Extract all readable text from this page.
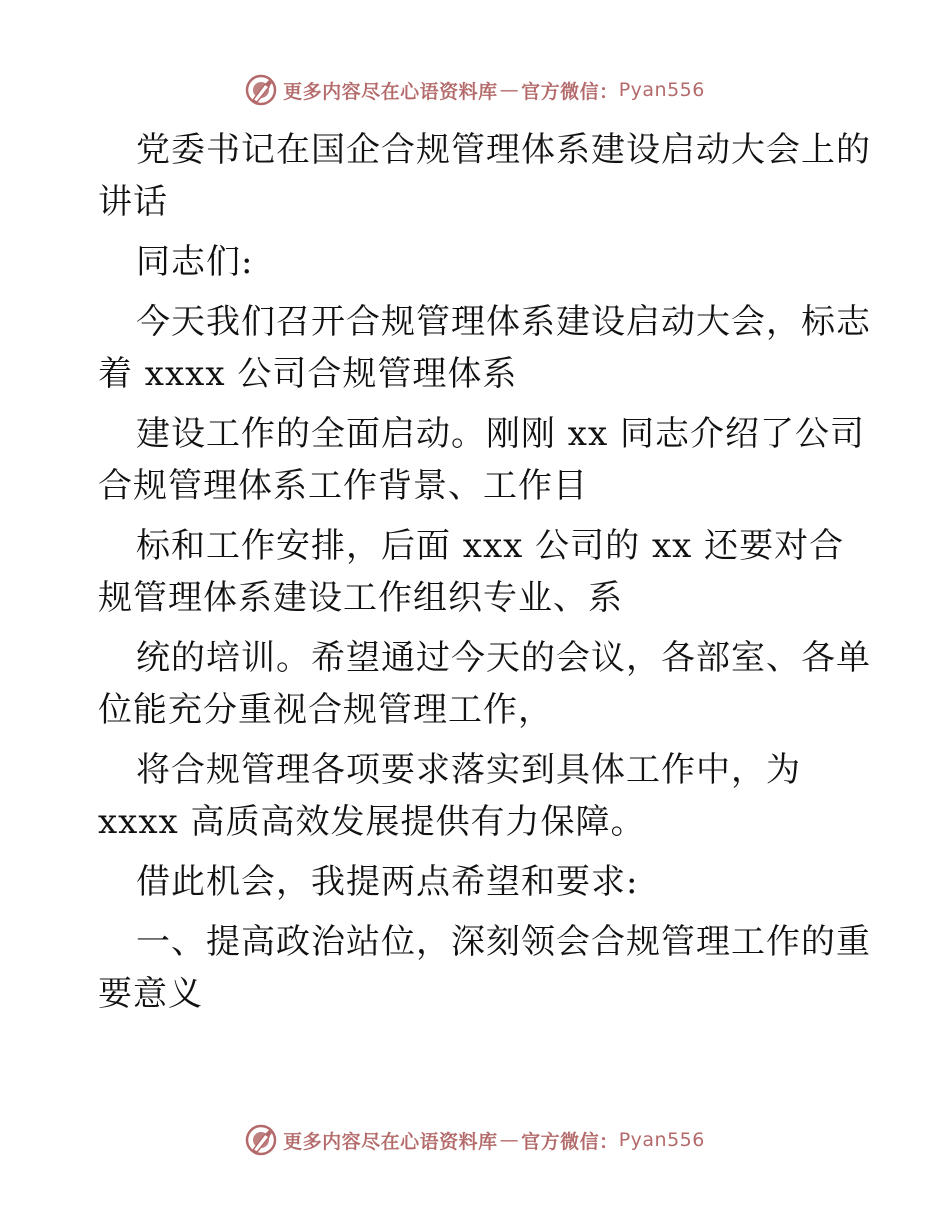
更多内容尽在心语资料库 — 官方微信： Pyan556

党委书记在国企合规管理体系建设启动大会上的

讲话

同志们:

今天我们召开合规管理体系建设启动大会，标志

着 xxxx 公司合规管理体系

建设工作的全面启动。刚刚 xx 同志介绍了公司

合规管理体系工作背景、工作目

标和工作安排，后面 xxx 公司的 xx 还要对合

规管理体系建设工作组织专业、系

统的培训。希望通过今天的会议，各部室、各单

位能充分重视合规管理工作，

将合规管理各项要求落实到具体工作中，为

xxxx 高质高效发展提供有力保障。

借此机会，我提两点希望和要求:

一、提高政治站位，深刻领会合规管理工作的重

要意义

更多内容尽在心语资料库 — 官方微信： Pyan556
